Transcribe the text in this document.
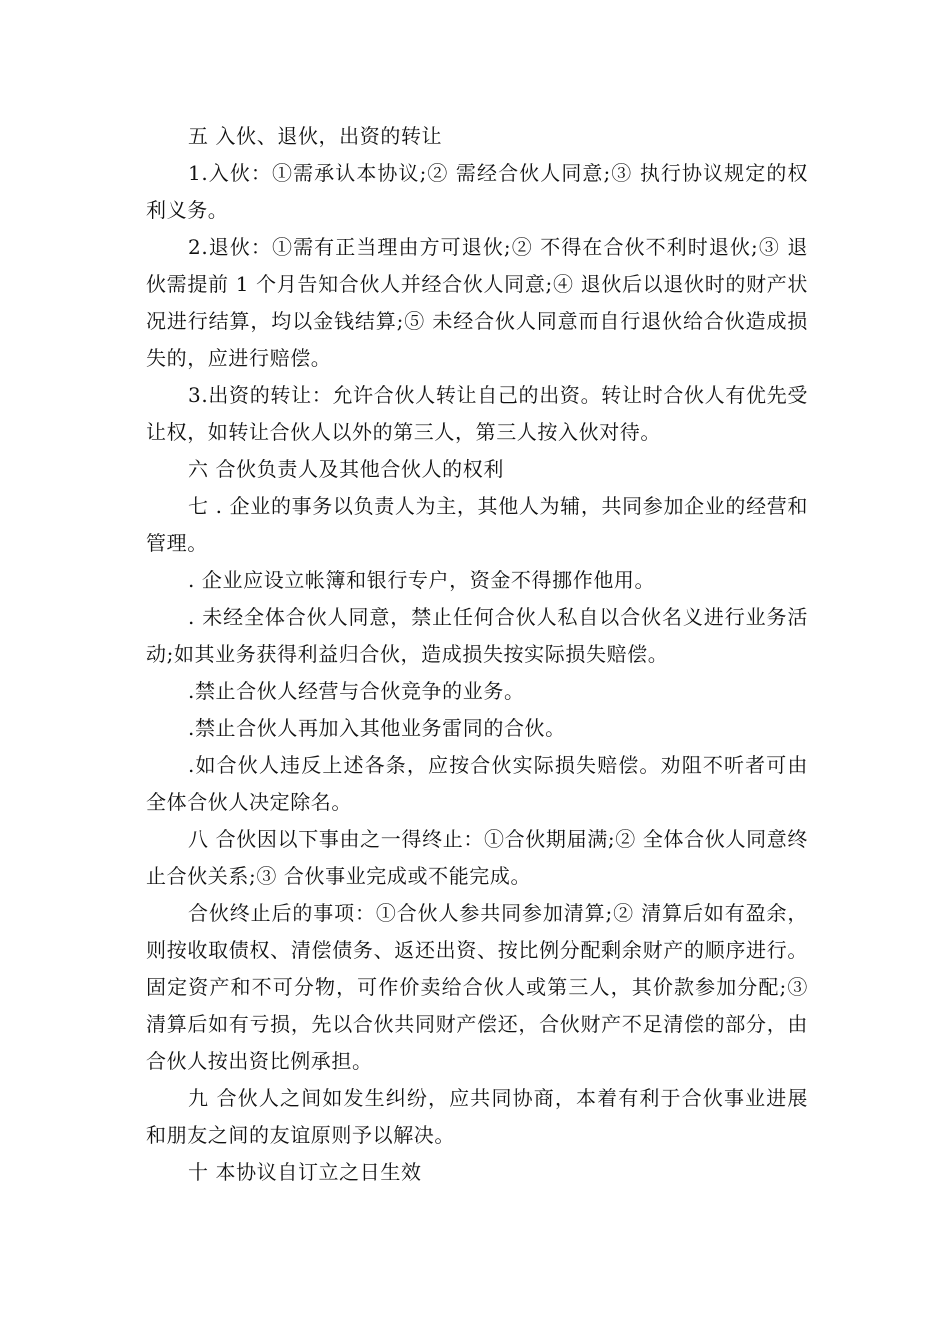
五 入伙、退伙，出资的转让

1.入伙：①需承认本协议;② 需经合伙人同意;③ 执行协议规定的权利义务。

2.退伙：①需有正当理由方可退伙;② 不得在合伙不利时退伙;③ 退伙需提前 1 个月告知合伙人并经合伙人同意;④ 退伙后以退伙时的财产状况进行结算，均以金钱结算;⑤ 未经合伙人同意而自行退伙给合伙造成损失的，应进行赔偿。

3.出资的转让：允许合伙人转让自己的出资。转让时合伙人有优先受让权，如转让合伙人以外的第三人，第三人按入伙对待。

六 合伙负责人及其他合伙人的权利

七 . 企业的事务以负责人为主，其他人为辅，共同参加企业的经营和管理。

. 企业应设立帐簿和银行专户，资金不得挪作他用。

. 未经全体合伙人同意，禁止任何合伙人私自以合伙名义进行业务活动;如其业务获得利益归合伙，造成损失按实际损失赔偿。

.禁止合伙人经营与合伙竞争的业务。

.禁止合伙人再加入其他业务雷同的合伙。

.如合伙人违反上述各条，应按合伙实际损失赔偿。劝阻不听者可由全体合伙人决定除名。

八 合伙因以下事由之一得终止：①合伙期届满;② 全体合伙人同意终止合伙关系;③ 合伙事业完成或不能完成。

合伙终止后的事项：①合伙人参共同参加清算;② 清算后如有盈余，则按收取债权、清偿债务、返还出资、按比例分配剩余财产的顺序进行。固定资产和不可分物，可作价卖给合伙人或第三人，其价款参加分配;③ 清算后如有亏损，先以合伙共同财产偿还，合伙财产不足清偿的部分，由合伙人按出资比例承担。

九 合伙人之间如发生纠纷，应共同协商，本着有利于合伙事业进展和朋友之间的友谊原则予以解决。

十 本协议自订立之日生效
